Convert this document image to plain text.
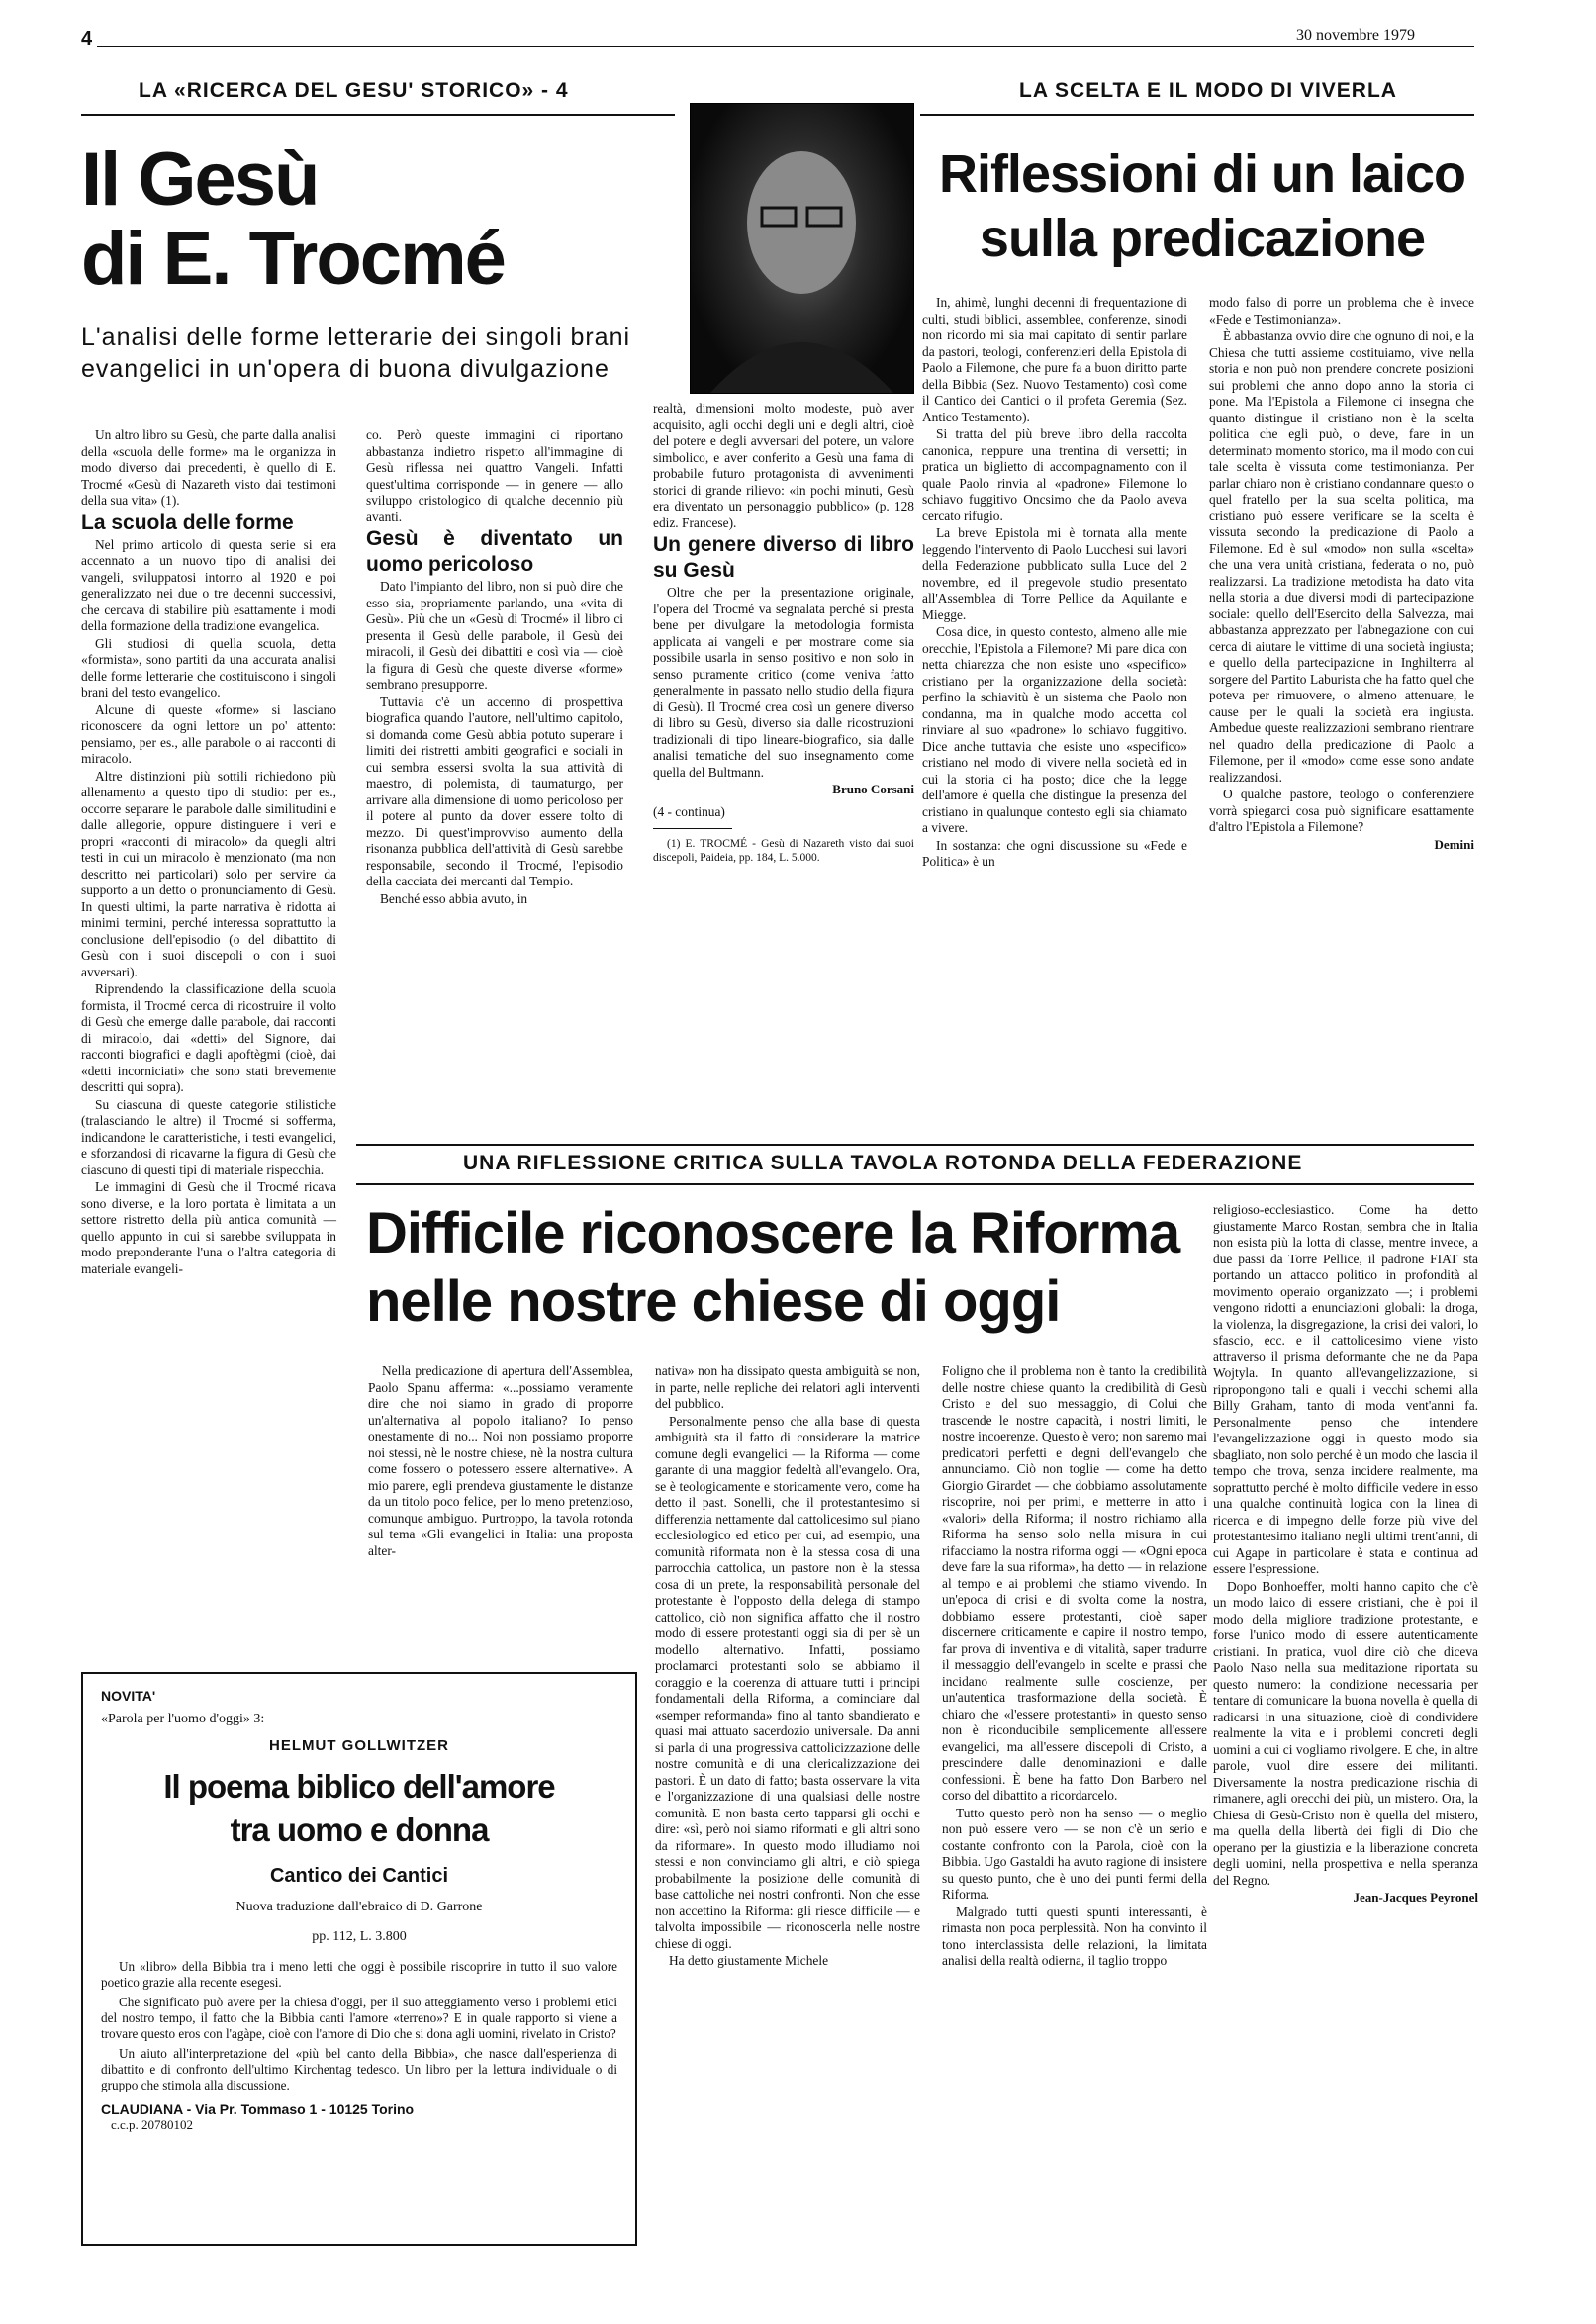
4	30 novembre 1979
LA «RICERCA DEL GESU' STORICO» - 4
Il Gesù
di E. Trocmé
L'analisi delle forme letterarie dei singoli brani evangelici in un'opera di buona divulgazione
LA SCELTA E IL MODO DI VIVERLA
Riflessioni di un laico
sulla predicazione

Un altro libro su Gesù, che parte dalla analisi della «scuola delle forme» ma le organizza in modo diverso dai precedenti, è quello di E. Trocmé «Gesù di Nazareth visto dai testimoni della sua vita» (1).

La scuola delle forme

Nel primo articolo di questa serie si era accennato a un nuovo tipo di analisi dei vangeli, sviluppatosi intorno al 1920 e poi generalizzato nei due o tre decenni successivi, che cercava di stabilire più esattamente i modi della formazione della tradizione evangelica.

Gli studiosi di quella scuola, detta «formista», sono partiti da una accurata analisi delle forme letterarie che costituiscono i singoli brani del testo evangelico.

Alcune di queste «forme» si lasciano riconoscere da ogni lettore un po' attento: pensiamo, per es., alle parabole o ai racconti di miracolo.

Altre distinzioni più sottili richiedono più allenamento a questo tipo di studio: per es., occorre separare le parabole dalle similitudini e dalle allegorie, oppure distinguere i veri e propri «racconti di miracolo» da quegli altri testi in cui un miracolo è menzionato (ma non descritto nei particolari) solo per servire da supporto a un detto o pronunciamento di Gesù. In questi ultimi, la parte narrativa è ridotta ai minimi termini, perché interessa soprattutto la conclusione dell'episodio (o del dibattito di Gesù con i suoi discepoli o con i suoi avversari).

Riprendendo la classificazione della scuola formista, il Trocmé cerca di ricostruire il volto di Gesù che emerge dalle parabole, dai racconti di miracolo, dai «detti» del Signore, dai racconti biografici e dagli apoftègmi (cioè, dai «detti incorniciati» che sono stati brevemente descritti qui sopra).

Su ciascuna di queste categorie stilistiche (tralasciando le altre) il Trocmé si sofferma, indicandone le caratteristiche, i testi evangelici, e sforzandosi di ricavarne la figura di Gesù che ciascuno di questi tipi di materiale rispecchia.

Le immagini di Gesù che il Trocmé ricava sono diverse, e la loro portata è limitata a un settore ristretto della più antica comunità — quello appunto in cui si sarebbe sviluppata in modo preponderante l'una o l'altra categoria di materiale evangeli-

co. Però queste immagini ci riportano abbastanza indietro rispetto all'immagine di Gesù riflessa nei quattro Vangeli. Infatti quest'ultima corrisponde — in genere — allo sviluppo cristologico di qualche decennio più avanti.

Gesù è diventato un uomo pericoloso

Dato l'impianto del libro, non si può dire che esso sia, propriamente parlando, una «vita di Gesù». Più che un «Gesù di Trocmé» il libro ci presenta il Gesù delle parabole, il Gesù dei miracoli, il Gesù dei dibattiti e così via — cioè la figura di Gesù che queste diverse «forme» sembrano presupporre.

Tuttavia c'è un accenno di prospettiva biografica quando l'autore, nell'ultimo capitolo, si domanda come Gesù abbia potuto superare i limiti dei ristretti ambiti geografici e sociali in cui sembra essersi svolta la sua attività di maestro, di polemista, di taumaturgo, per arrivare alla dimensione di uomo pericoloso per il potere al punto da dover essere tolto di mezzo. Di quest'improvviso aumento della risonanza pubblica dell'attività di Gesù sarebbe responsabile, secondo il Trocmé, l'episodio della cacciata dei mercanti dal Tempio.

Benché esso abbia avuto, in

realtà, dimensioni molto modeste, può aver acquisito, agli occhi degli uni e degli altri, cioè del potere e degli avversari del potere, un valore simbolico, e aver conferito a Gesù una fama di probabile futuro protagonista di avvenimenti storici di grande rilievo: «in pochi minuti, Gesù era diventato un personaggio pubblico» (p. 128 ediz. Francese).

Un genere diverso di libro su Gesù

Oltre che per la presentazione originale, l'opera del Trocmé va segnalata perché si presta bene per divulgare la metodologia formista applicata ai vangeli e per mostrare come sia possibile usarla in senso positivo e non solo in senso puramente critico (come veniva fatto generalmente in passato nello studio della figura di Gesù). Il Trocmé crea così un genere diverso di libro su Gesù, diverso sia dalle ricostruzioni tradizionali di tipo lineare-biografico, sia dalle analisi tematiche del suo insegnamento come quella del Bultmann.

Bruno Corsani

(4 - continua)

(1) E. TROCMÉ - Gesù di Nazareth visto dai suoi discepoli, Paideia, pp. 184, L. 5.000.

In, ahimè, lunghi decenni di frequentazione di culti, studi biblici, assemblee, conferenze, sinodi non ricordo mi sia mai capitato di sentir parlare da pastori, teologi, conferenzieri della Epistola di Paolo a Filemone, che pure fa a buon diritto parte della Bibbia (Sez. Nuovo Testamento) così come il Cantico dei Cantici o il profeta Geremia (Sez. Antico Testamento).

Si tratta del più breve libro della raccolta canonica, neppure una trentina di versetti; in pratica un biglietto di accompagnamento con il quale Paolo rinvia al «padrone» Filemone lo schiavo fuggitivo Oncsimo che da Paolo aveva cercato rifugio.

La breve Epistola mi è tornata alla mente leggendo l'intervento di Paolo Lucchesi sui lavori della Federazione pubblicato sulla Luce del 2 novembre, ed il pregevole studio presentato all'Assemblea di Torre Pellice da Aquilante e Miegge.

Cosa dice, in questo contesto, almeno alle mie orecchie, l'Epistola a Filemone? Mi pare dica con netta chiarezza che non esiste uno «specifico» cristiano per la organizzazione della società: perfino la schiavitù è un sistema che Paolo non condanna, ma in qualche modo accetta col rinviare al suo «padrone» lo schiavo fuggitivo. Dice anche tuttavia che esiste uno «specifico» cristiano nel modo di vivere nella società ed in cui la storia ci ha posto; dice che la legge dell'amore è quella che distingue la presenza del cristiano in qualunque contesto egli sia chiamato a vivere.

In sostanza: che ogni discussione su «Fede e Politica» è un

modo falso di porre un problema che è invece «Fede e Testimonianza».

È abbastanza ovvio dire che ognuno di noi, e la Chiesa che tutti assieme costituiamo, vive nella storia e non può non prendere concrete posizioni sui problemi che anno dopo anno la storia ci pone. Ma l'Epistola a Filemone ci insegna che quanto distingue il cristiano non è la scelta politica che egli può, o deve, fare in un determinato momento storico, ma il modo con cui tale scelta è vissuta come testimonianza. Per parlar chiaro non è cristiano condannare questo o quel fratello per la sua scelta politica, ma cristiano può essere verificare se la scelta è vissuta secondo la predicazione di Paolo a Filemone. Ed è sul «modo» non sulla «scelta» che una vera unità cristiana, federata o no, può realizzarsi. La tradizione metodista ha dato vita nella storia a due diversi modi di partecipazione sociale: quello dell'Esercito della Salvezza, mai abbastanza apprezzato per l'abnegazione con cui cerca di aiutare le vittime di una società ingiusta; e quello della partecipazione in Inghilterra al sorgere del Partito Laburista che ha fatto quel che poteva per rimuovere, o almeno attenuare, le cause per le quali la società era ingiusta. Ambedue queste realizzazioni sembrano rientrare nel quadro della predicazione di Paolo a Filemone, per il «modo» come esse sono andate realizzandosi.

O qualche pastore, teologo o conferenziere vorrà spiegarci cosa può significare esattamente d'altro l'Epistola a Filemone?

Demini

UNA RIFLESSIONE CRITICA SULLA TAVOLA ROTONDA DELLA FEDERAZIONE
Difficile riconoscere la Riforma
nelle nostre chiese di oggi

Nella predicazione di apertura dell'Assemblea, Paolo Spanu afferma: «...possiamo veramente dire che noi siamo in grado di proporre un'alternativa al popolo italiano? Io penso onestamente di no... Noi non possiamo proporre noi stessi, nè le nostre chiese, nè la nostra cultura come fossero o potessero essere alternative». A mio parere, egli prendeva giustamente le distanze da un titolo poco felice, per lo meno pretenzioso, comunque ambiguo. Purtroppo, la tavola rotonda sul tema «Gli evangelici in Italia: una proposta alter-

nativa» non ha dissipato questa ambiguità se non, in parte, nelle repliche dei relatori agli interventi del pubblico.

Personalmente penso che alla base di questa ambiguità sta il fatto di considerare la matrice comune degli evangelici — la Riforma — come garante di una maggior fedeltà all'evangelo. Ora, se è teologicamente e storicamente vero, come ha detto il past. Sonelli, che il protestantesimo si differenzia nettamente dal cattolicesimo sul piano ecclesiologico ed etico per cui, ad esempio, una comunità riformata non è la stessa cosa di una parrocchia cattolica, un pastore non è la stessa cosa di un prete, la responsabilità personale del protestante è l'opposto della delega di stampo cattolico, ciò non significa affatto che il nostro modo di essere protestanti oggi sia di per sè un modello alternativo. Infatti, possiamo proclamarci protestanti solo se abbiamo il coraggio e la coerenza di attuare tutti i principi fondamentali della Riforma, a cominciare dal «semper reformanda» fino al tanto sbandierato e quasi mai attuato sacerdozio universale. Da anni si parla di una progressiva cattolicizzazione delle nostre comunità e di una clericalizzazione dei pastori. È un dato di fatto; basta osservare la vita e l'organizzazione di una qualsiasi delle nostre comunità. E non basta certo tapparsi gli occhi e dire: «sì, però noi siamo riformati e gli altri sono da riformare». In questo modo illudiamo noi stessi e non convinciamo gli altri, e ciò spiega probabilmente la posizione delle comunità di base cattoliche nei nostri confronti. Non che esse non accettino la Riforma: gli riesce difficile — e talvolta impossibile — riconoscerla nelle nostre chiese di oggi.

Ha detto giustamente Michele

Foligno che il problema non è tanto la credibilità delle nostre chiese quanto la credibilità di Gesù Cristo e del suo messaggio, di Colui che trascende le nostre capacità, i nostri limiti, le nostre incoerenze. Questo è vero; non saremo mai predicatori perfetti e degni dell'evangelo che annunciamo. Ciò non toglie — come ha detto Giorgio Girardet — che dobbiamo assolutamente riscoprire, noi per primi, e metterre in atto i «valori» della Riforma; il nostro richiamo alla Riforma ha senso solo nella misura in cui rifacciamo la nostra riforma oggi — «Ogni epoca deve fare la sua riforma», ha detto — in relazione al tempo e ai problemi che stiamo vivendo. In un'epoca di crisi e di svolta come la nostra, dobbiamo essere protestanti, cioè saper discernere criticamente e capire il nostro tempo, far prova di inventiva e di vitalità, saper tradurre il messaggio dell'evangelo in scelte e prassi che incidano realmente sulle coscienze, per un'autentica trasformazione della società. È chiaro che «l'essere protestanti» in questo senso non è riconducibile semplicemente all'essere evangelici, ma all'essere discepoli di Cristo, a prescindere dalle denominazioni e dalle confessioni. È bene ha fatto Don Barbero nel corso del dibattito a ricordarcelo.

Tutto questo però non ha senso — o meglio non può essere vero — se non c'è un serio e costante confronto con la Parola, cioè con la Bibbia. Ugo Gastaldi ha avuto ragione di insistere su questo punto, che è uno dei punti fermi della Riforma.

Malgrado tutti questi spunti interessanti, è rimasta non poca perplessità. Non ha convinto il tono interclassista delle relazioni, la limitata analisi della realtà odierna, il taglio troppo

religioso-ecclesiastico. Come ha detto giustamente Marco Rostan, sembra che in Italia non esista più la lotta di classe, mentre invece, a due passi da Torre Pellice, il padrone FIAT sta portando un attacco politico in profondità al movimento operaio organizzato —; i problemi vengono ridotti a enunciazioni globali: la droga, la violenza, la disgregazione, la crisi dei valori, lo sfascio, ecc. e il cattolicesimo viene visto attraverso il prisma deformante che ne da Papa Wojtyla. In quanto all'evangelizzazione, si ripropongono tali e quali i vecchi schemi alla Billy Graham, tanto di moda vent'anni fa. Personalmente penso che intendere l'evangelizzazione oggi in questo modo sia sbagliato, non solo perché è un modo che lascia il tempo che trova, senza incidere realmente, ma soprattutto perché è molto difficile vedere in esso una qualche continuità logica con la linea di ricerca e di impegno delle forze più vive del protestantesimo italiano negli ultimi trent'anni, di cui Agape in particolare è stata e continua ad essere l'espressione.

Dopo Bonhoeffer, molti hanno capito che c'è un modo laico di essere cristiani, che è poi il modo della migliore tradizione protestante, e forse l'unico modo di essere autenticamente cristiani. In pratica, vuol dire ciò che diceva Paolo Naso nella sua meditazione riportata su questo numero: la condizione necessaria per tentare di comunicare la buona novella è quella di radicarsi in una situazione, cioè di condividere realmente la vita e i problemi concreti degli uomini a cui ci vogliamo rivolgere. E che, in altre parole, vuol dire essere dei militanti. Diversamente la nostra predicazione rischia di rimanere, agli orecchi dei più, un mistero. Ora, la Chiesa di Gesù-Cristo non è quella del mistero, ma quella della libertà dei figli di Dio che operano per la giustizia e la liberazione concreta degli uomini, nella prospettiva e nella speranza del Regno.

Jean-Jacques Peyronel

NOVITA'
«Parola per l'uomo d'oggi» 3:
HELMUT GOLLWITZER
Il poema biblico dell'amore
tra uomo e donna
Cantico dei Cantici
Nuova traduzione dall'ebraico di D. Garrone
pp. 112, L. 3.800

Un «libro» della Bibbia tra i meno letti che oggi è possibile riscoprire in tutto il suo valore poetico grazie alla recente esegesi.

Che significato può avere per la chiesa d'oggi, per il suo atteggiamento verso i problemi etici del nostro tempo, il fatto che la Bibbia canti l'amore «terreno»? E in quale rapporto si viene a trovare questo eros con l'agàpe, cioè con l'amore di Dio che si dona agli uomini, rivelato in Cristo?

Un aiuto all'interpretazione del «più bel canto della Bibbia», che nasce dall'esperienza di dibattito e di confronto dell'ultimo Kirchentag tedesco. Un libro per la lettura individuale o di gruppo che stimola alla discussione.

CLAUDIANA - Via Pr. Tommaso 1 - 10125 Torino
c.c.p. 20780102
